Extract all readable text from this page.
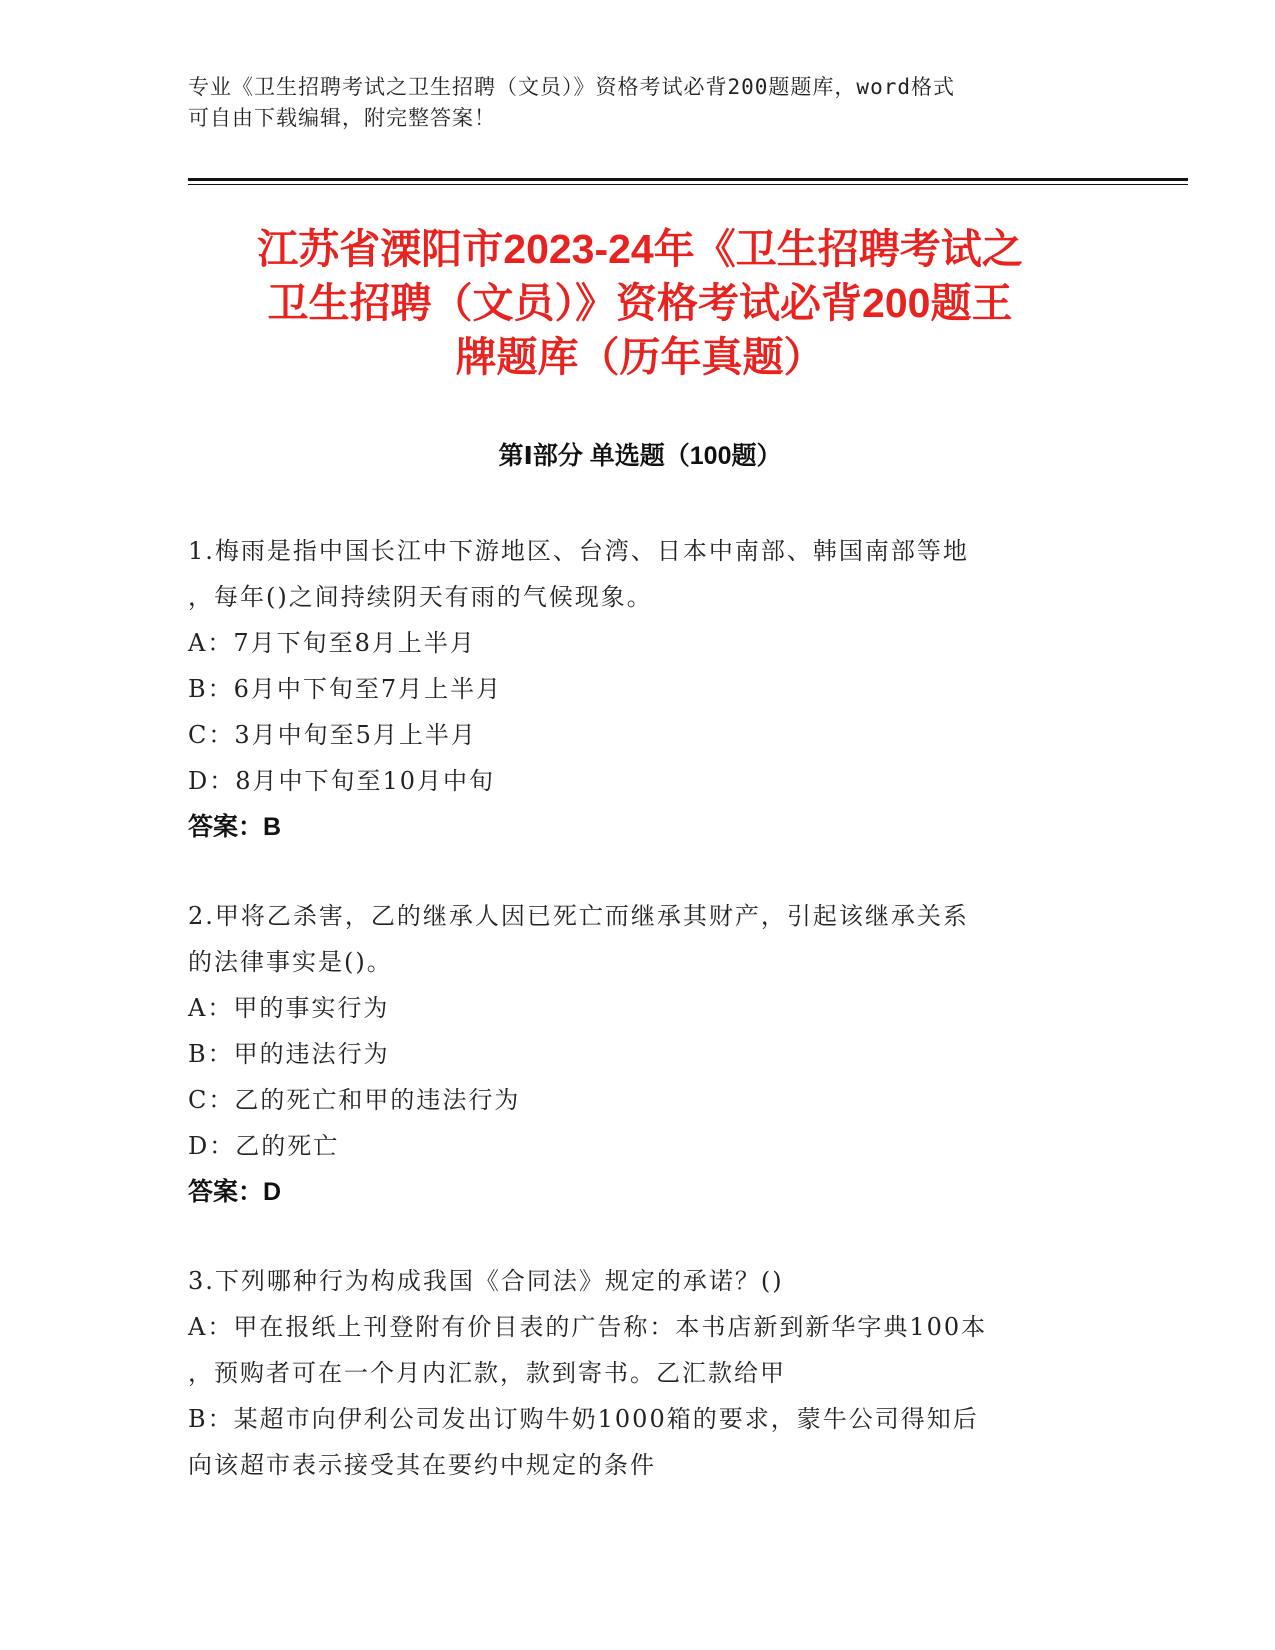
专业《卫生招聘考试之卫生招聘（文员）》资格考试必背200题题库，word格式
可自由下载编辑，附完整答案！
江苏省溧阳市2023-24年《卫生招聘考试之
卫生招聘（文员）》资格考试必背200题王
牌题库（历年真题）
第Ⅰ部分 单选题（100题）

1.梅雨是指中国长江中下游地区、台湾、日本中南部、韩国南部等地

，每年()之间持续阴天有雨的气候现象。

A：7月下旬至8月上半月

B：6月中下旬至7月上半月

C：3月中旬至5月上半月

D：8月中下旬至10月中旬

答案：B

2.甲将乙杀害，乙的继承人因已死亡而继承其财产，引起该继承关系

的法律事实是()。

A：甲的事实行为

B：甲的违法行为

C：乙的死亡和甲的违法行为

D：乙的死亡

答案：D

3.下列哪种行为构成我国《合同法》规定的承诺？()

A：甲在报纸上刊登附有价目表的广告称：本书店新到新华字典100本

，预购者可在一个月内汇款，款到寄书。乙汇款给甲

B：某超市向伊利公司发出订购牛奶1000箱的要求，蒙牛公司得知后

向该超市表示接受其在要约中规定的条件
